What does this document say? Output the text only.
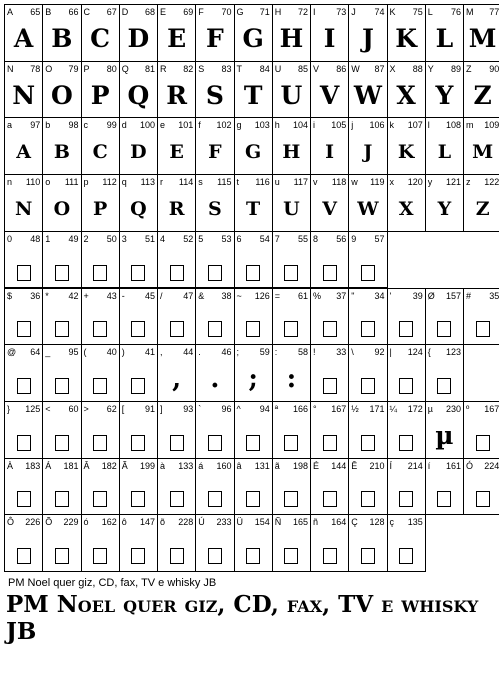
A 65
A
B 66
B
C 67
C
D 68
D
E 69
E
F 70
F
G 71
G
H 72
H
I 73
I
J 74
J
K 75
K
L 76
L
M 77
M
N 78
N
O 79
O
P 80
P
Q 81
Q
R 82
R
S 83
S
T 84
T
U 85
U
V 86
V
W 87
W
X 88
X
Y 89
Y
Z 90
Z
a 97
A
b 98
B
c 99
C
d 100
D
e 101
E
f 102
F
g 103
G
h 104
H
i 105
I
j 106
J
k 107
K
l 108
L
m 109
M
n 110
N
o 111
O
p 112
P
q 113
Q
r 114
R
s 115
S
t 116
T
u 117
U
v 118
V
w 119
W
x 120
X
y 121
Y
z 122
Z
0 48 1 49 2 50 3 51 4 52 5 53 6 54 7 55 8 56 9 57
$ 36 * 42 + 43 - 45 / 47 & 38 ~ 126 = 61 % 37 " 34 ' 39 Ø 157 # 35
@ 64 _ 95 ( 40 ) 41 , 44
,
. 46
.
; 59
;
: 58
:
! 33 \ 92 | 124 { 123
} 125 < 60 > 62 [ 91 ] 93 ` 96 ^ 94 ª 166 ° 167 ½ 171 ¼ 172 µ 230
µ
º 167
À 183 Á 181 Â 182 Ã 199 à 133 á 160 â 131 ã 198 É 144 Ê 210 Í 214 í 161 Ó 224
Ô 226 Õ 229 ó 162 ô 147 õ 228 Ú 233 Ü 154 Ñ 165 ñ 164 Ç 128 ç 135
PM Noel quer giz, CD, fax, TV e whisky JB
PM Noel quer giz, CD, fax, TV e whisky JB
